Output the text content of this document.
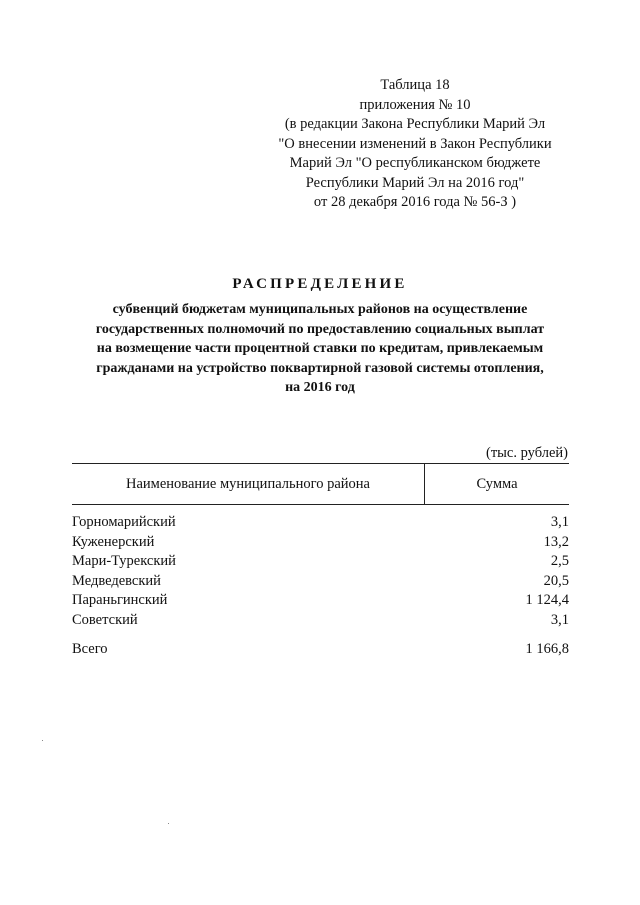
Таблица 18
приложения № 10
(в редакции Закона Республики Марий Эл
"О внесении изменений в Закон Республики
Марий Эл "О республиканском бюджете
Республики Марий Эл на 2016 год"
от 28 декабря 2016 года № 56-З )
РАСПРЕДЕЛЕНИЕ
субвенций бюджетам муниципальных районов на осуществление
государственных полномочий по предоставлению социальных выплат
на возмещение части процентной ставки по кредитам, привлекаемым
гражданами на устройство поквартирной газовой системы отопления,
на 2016 год
(тыс. рублей)
Наименование муниципального района	Сумма
Горномарийский	3,1
Куженерский	13,2
Мари-Турекский	2,5
Медведевский	20,5
Параньгинский	1 124,4
Советский	3,1
Всего	1 166,8
